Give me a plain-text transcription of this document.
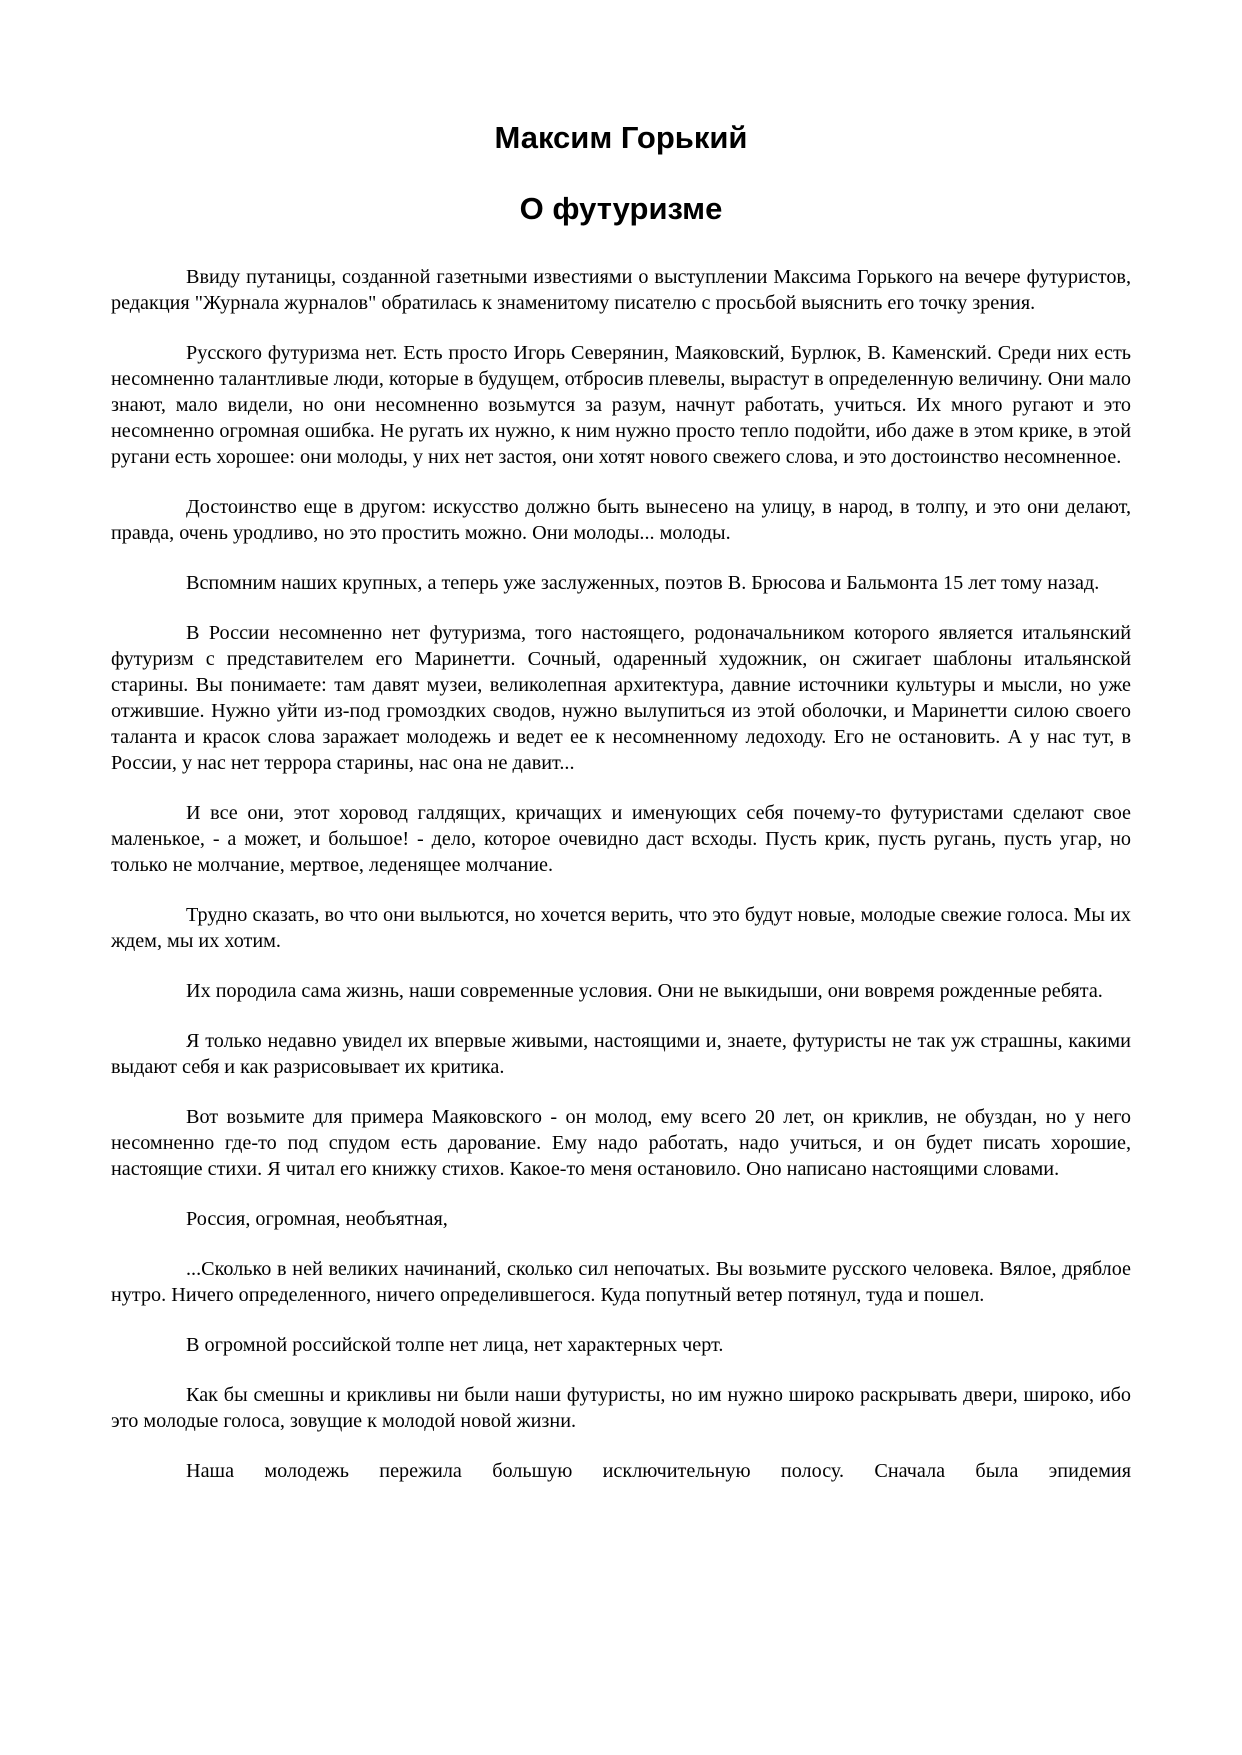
Максим Горький
О футуризме

Ввиду путаницы, созданной газетными известиями о выступлении Максима Горького на вечере футуристов, редакция "Журнала журналов" обратилась к знаменитому писателю с просьбой выяснить его точку зрения.

Русского футуризма нет. Есть просто Игорь Северянин, Маяковский, Бурлюк, В. Каменский. Среди них есть несомненно талантливые люди, которые в будущем, отбросив плевелы, вырастут в определенную величину. Они мало знают, мало видели, но они несомненно возьмутся за разум, начнут работать, учиться. Их много ругают и это несомненно огромная ошибка. Не ругать их нужно, к ним нужно просто тепло подойти, ибо даже в этом крике, в этой ругани есть хорошее: они молоды, у них нет застоя, они хотят нового свежего слова, и это достоинство несомненное.

Достоинство еще в другом: искусство должно быть вынесено на улицу, в народ, в толпу, и это они делают, правда, очень уродливо, но это простить можно. Они молоды... молоды.

Вспомним наших крупных, а теперь уже заслуженных, поэтов В. Брюсова и Бальмонта 15 лет тому назад.

В России несомненно нет футуризма, того настоящего, родоначальником которого является итальянский футуризм с представителем его Маринетти. Сочный, одаренный художник, он сжигает шаблоны итальянской старины. Вы понимаете: там давят музеи, великолепная архитектура, давние источники культуры и мысли, но уже отжившие. Нужно уйти из-под громоздких сводов, нужно вылупиться из этой оболочки, и Маринетти силою своего таланта и красок слова заражает молодежь и ведет ее к несомненному ледоходу. Его не остановить. А у нас тут, в России, у нас нет террора старины, нас она не давит...

И все они, этот хоровод галдящих, кричащих и именующих себя почему-то футуристами сделают свое маленькое, - а может, и большое! - дело, которое очевидно даст всходы. Пусть крик, пусть ругань, пусть угар, но только не молчание, мертвое, леденящее молчание.

Трудно сказать, во что они выльются, но хочется верить, что это будут новые, молодые свежие голоса. Мы их ждем, мы их хотим.

Их породила сама жизнь, наши современные условия. Они не выкидыши, они вовремя рожденные ребята.

Я только недавно увидел их впервые живыми, настоящими и, знаете, футуристы не так уж страшны, какими выдают себя и как разрисовывает их критика.

Вот возьмите для примера Маяковского - он молод, ему всего 20 лет, он криклив, не обуздан, но у него несомненно где-то под спудом есть дарование. Ему надо работать, надо учиться, и он будет писать хорошие, настоящие стихи. Я читал его книжку стихов. Какое-то меня остановило. Оно написано настоящими словами.

Россия, огромная, необъятная,

...Сколько в ней великих начинаний, сколько сил непочатых. Вы возьмите русского человека. Вялое, дряблое нутро. Ничего определенного, ничего определившегося. Куда попутный ветер потянул, туда и пошел.

В огромной российской толпе нет лица, нет характерных черт.

Как бы смешны и крикливы ни были наши футуристы, но им нужно широко раскрывать двери, широко, ибо это молодые голоса, зовущие к молодой новой жизни.

Наша молодежь пережила большую исключительную полосу. Сначала была эпидемия
